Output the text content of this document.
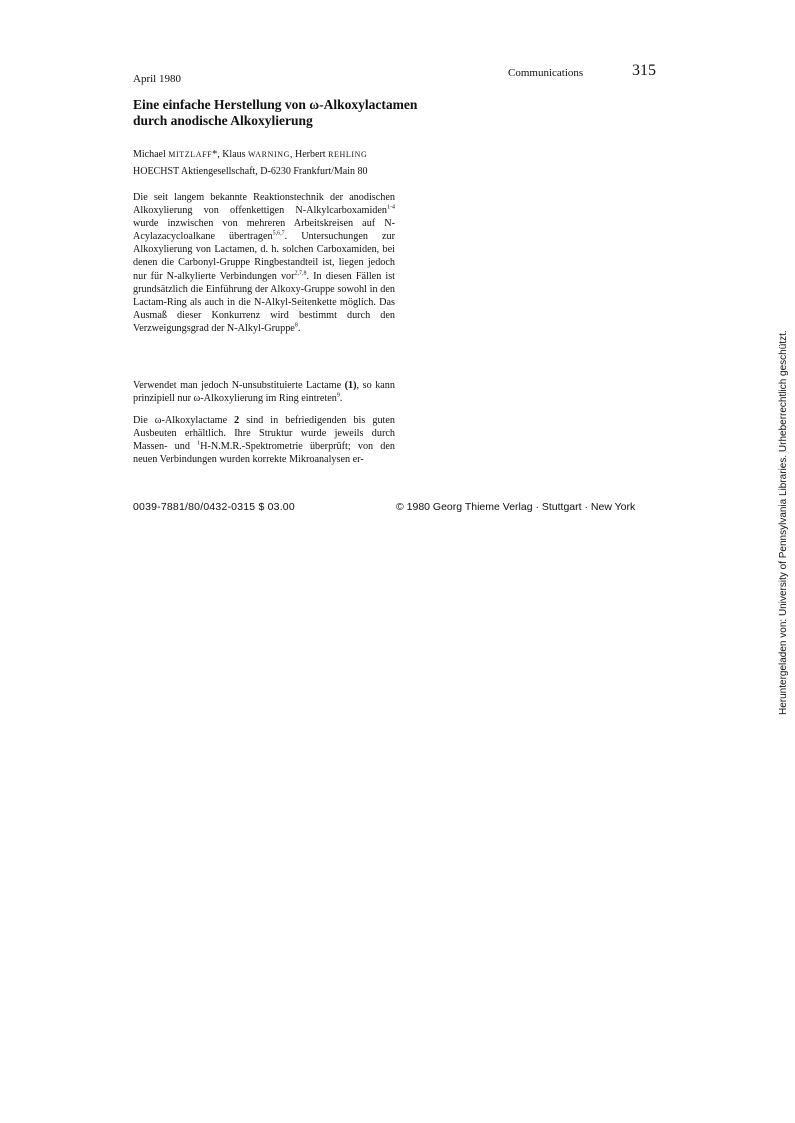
April 1980	Communications	315
Eine einfache Herstellung von ω-Alkoxylactamen
durch anodische Alkoxylierung
Michael MITZLAFF*, Klaus WARNING, Herbert REHLING
HOECHST Aktiengesellschaft, D-6230 Frankfurt/Main 80
Die seit langem bekannte Reaktionstechnik der anodischen Alkoxylierung von offenkettigen N-Alkylcarboxamiden$^{1-4}$ wurde inzwischen von mehreren Arbeitskreisen auf N-Acylazacycloalkane übertragen$^{5,6,7}$. Untersuchungen zur Alkoxylierung von Lactamen, d. h. solchen Carboxamiden, bei denen die Carbonyl-Gruppe Ringbestandteil ist, liegen jedoch nur für N-alkylierte Verbindungen vor$^{2,7,8}$. In diesen Fällen ist grundsätzlich die Einführung der Alkoxy-Gruppe sowohl in den Lactam-Ring als auch in die N-Alkyl-Seitenkette möglich. Das Ausmaß dieser Konkurrenz wird bestimmt durch den Verzweigungsgrad der N-Alkyl-Gruppe$^8$.
Verwendet man jedoch N-unsubstituierte Lactame (1), so kann prinzipiell nur ω-Alkoxylierung im Ring eintreten$^9$.
Die ω-Alkoxylactame 2 sind in befriedigenden bis guten Ausbeuten erhältlich. Ihre Struktur wurde jeweils durch Massen- und $^1$H-N.M.R.-Spektrometrie überprüft; von den neuen Verbindungen wurden korrekte Mikroanalysen er-
0039-7881/80/0432-0315 $ 03.00	© 1980 Georg Thieme Verlag · Stuttgart · New York	Heruntergeladen von: University of Pennsylvania Libraries. Urheberrechtlich geschützt.
